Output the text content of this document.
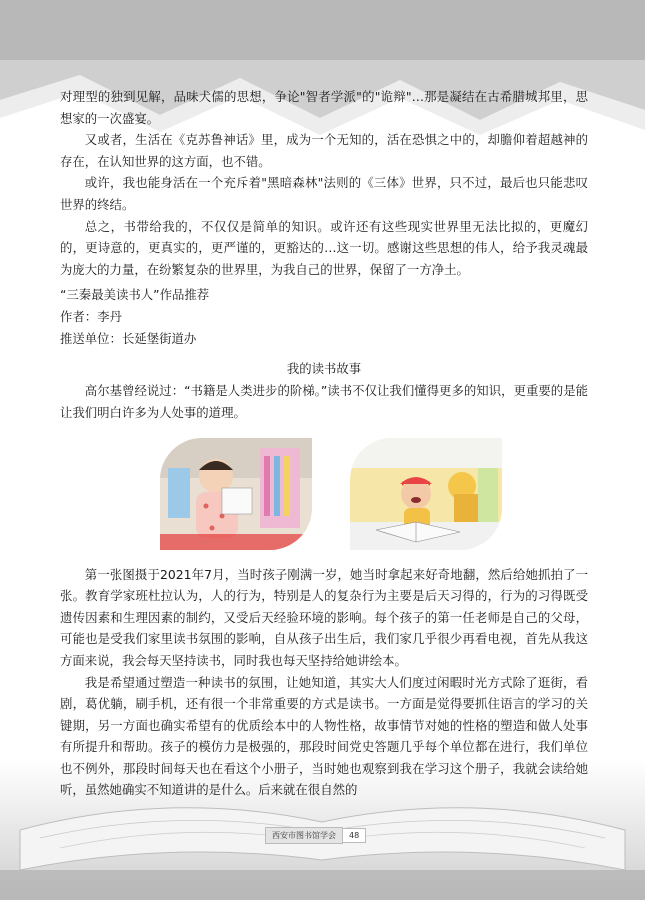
对理型的独到见解，品味犬儒的思想，争论"智者学派"的"诡辩"…那是凝结在古希腊城邦里，思想家的一次盛宴。

又或者，生活在《克苏鲁神话》里，成为一个无知的，活在恐惧之中的，却膽仰着超越神的存在，在认知世界的这方面，也不错。

或许，我也能身活在一个充斥着"黑暗森林"法则的《三体》世界，只不过，最后也只能悲叹世界的终结。

总之，书带给我的，不仅仅是简单的知识。或许还有这些现实世界里无法比拟的，更魔幻的，更诗意的，更真实的，更严谨的，更豁达的…这一切。感谢这些思想的伟人，给予我灵魂最为庞大的力量，在纷繁复杂的世界里，为我自己的世界，保留了一方净土。

“三秦最美读书人”作品推荐

作者：李丹

推送单位：长延堡街道办

我的读书故事

高尔基曾经说过：“书籍是人类进步的阶梯。”读书不仅让我们懂得更多的知识，更重要的是能让我们明白许多为人处事的道理。

第一张图摄于2021年7月，当时孩子刚满一岁，她当时拿起来好奇地翻，然后给她抓拍了一张。教育学家班杜拉认为，人的行为，特别是人的复杂行为主要是后天习得的，行为的习得既受遗传因素和生理因素的制约，又受后天经验环境的影响。每个孩子的第一任老师是自己的父母，可能也是受我们家里读书氛围的影响，自从孩子出生后，我们家几乎很少再看电视，首先从我这方面来说，我会每天坚持读书，同时我也每天坚持给她讲绘本。

我是希望通过塑造一种读书的氛围，让她知道，其实大人们度过闲暇时光方式除了逛街，看剧，葛优躺，刷手机，还有很一个非常重要的方式是读书。一方面是觉得要抓住语言的学习的关键期，另一方面也确实希望有的优质绘本中的人物性格，故事情节对她的性格的塑造和做人处事有所提升和帮助。孩子的模仿力是极强的，那段时间党史答题几乎每个单位都在进行，我们单位也不例外，那段时间每天也在看这个小册子，当时她也观察到我在学习这个册子，我就会读给她听，虽然她确实不知道讲的是什么。后来就在很自然的

西安市图书馆学会	48
